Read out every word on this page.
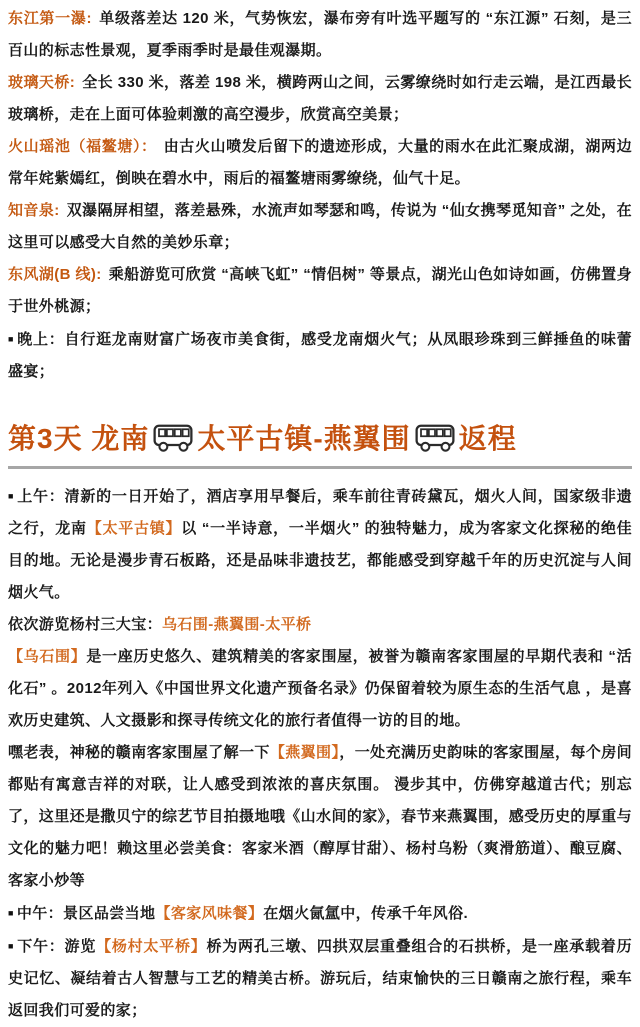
东江第一瀑: 单级落差达 120 米，气势恢宏，瀑布旁有叶选平题写的 “东江源” 石刻，是三百山的标志性景观，夏季雨季时是最佳观瀑期。

玻璃天桥: 全长 330 米，落差 198 米，横跨两山之间，云雾缭绕时如行走云端，是江西最长玻璃桥，走在上面可体验刺激的高空漫步，欣赏高空美景；

火山瑶池（福鳌塘）： 由古火山喷发后留下的遗迹形成，大量的雨水在此汇聚成湖，湖两边常年姹紫嫣红，倒映在碧水中，雨后的福鳌塘雨雾缭绕，仙气十足。

知音泉: 双瀑隔屏相望，落差悬殊，水流声如琴瑟和鸣，传说为 “仙女携琴觅知音” 之处，在这里可以感受大自然的美妙乐章；

东风湖(B 线): 乘船游览可欣赏 “高峡飞虹” “情侣树” 等景点，湖光山色如诗如画，仿佛置身于世外桃源；

■ 晚上：自行逛龙南财富广场夜市美食街，感受龙南烟火气；从凤眼珍珠到三鲜捶鱼的味蕾盛宴；

第3天 龙南 太平古镇-燕翼围 返程

■ 上午：清新的一日开始了，酒店享用早餐后，乘车前往青砖黛瓦，烟火人间，国家级非遗之行，龙南【太平古镇】以 “一半诗意，一半烟火” 的独特魅力，成为客家文化探秘的绝佳目的地。无论是漫步青石板路，还是品味非遗技艺，都能感受到穿越千年的历史沉淀与人间烟火气。

依次游览杨村三大宝：乌石围-燕翼围-太平桥

【乌石围】是一座历史悠久、建筑精美的客家围屋，被誉为赣南客家围屋的早期代表和 “活化石” 。2012年列入《中国世界文化遗产预备名录》仍保留着较为原生态的生活气息 ，是喜欢历史建筑、人文摄影和探寻传统文化的旅行者值得一访的目的地。

嘿老表，神秘的赣南客家围屋了解一下【燕翼围】，一处充满历史韵味的客家围屋，每个房间都贴有寓意吉祥的对联，让人感受到浓浓的喜庆氛围。 漫步其中，仿佛穿越道古代；别忘了，这里还是撒贝宁的综艺节目拍摄地哦《山水间的家》，春节来燕翼围，感受历史的厚重与文化的魅力吧！赖这里必尝美食：客家米酒（醇厚甘甜）、杨村乌粉（爽滑筋道）、酿豆腐、客家小炒等

■ 中午：景区品尝当地【客家风味餐】在烟火氤氲中，传承千年风俗.

■ 下午：游览【杨村太平桥】桥为两孔三墩、四拱双层重叠组合的石拱桥，是一座承载着历史记忆、凝结着古人智慧与工艺的精美古桥。游玩后，结束愉快的三日赣南之旅行程，乘车返回我们可爱的家；
